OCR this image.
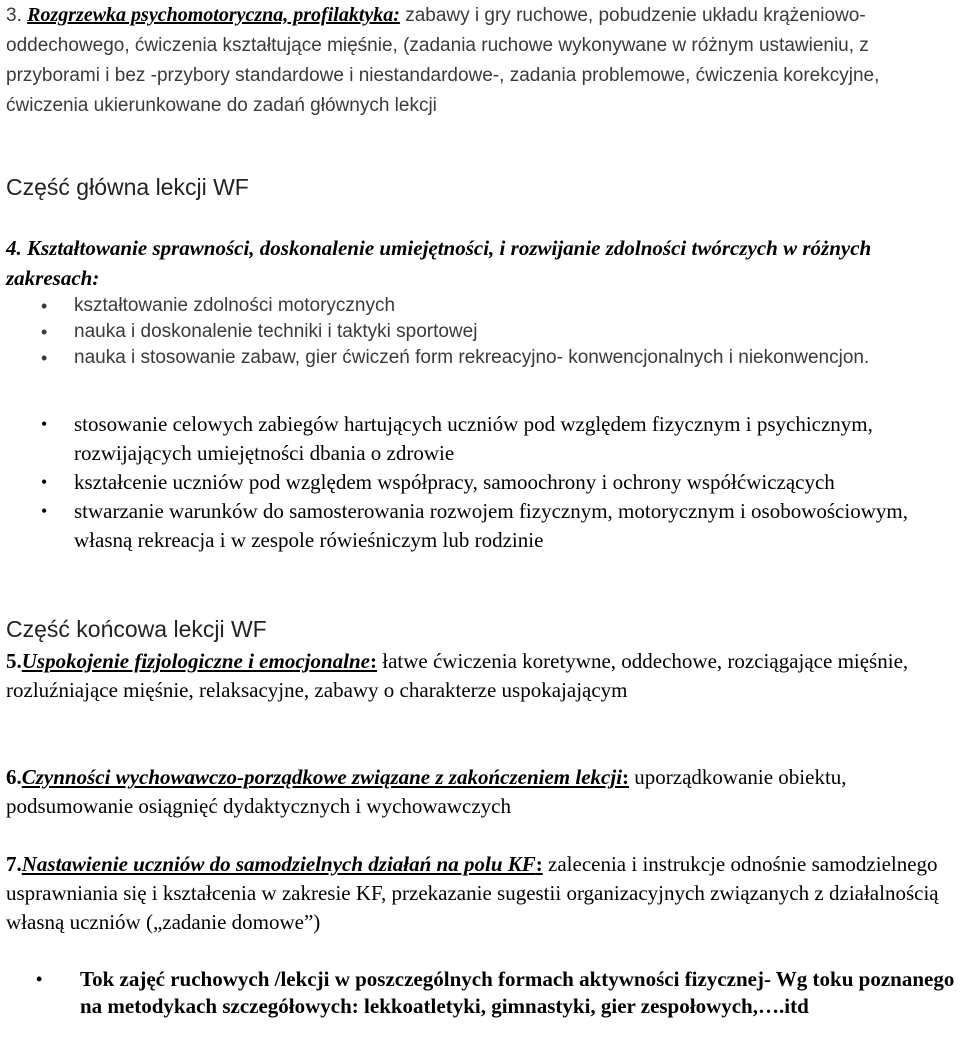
3. Rozgrzewka psychomotoryczna, profilaktyka: zabawy i gry ruchowe, pobudzenie układu krążeniowo- oddechowego, ćwiczenia kształtujące mięśnie, (zadania ruchowe wykonywane w różnym ustawieniu, z przyborami i bez -przybory standardowe i niestandardowe-, zadania problemowe, ćwiczenia korekcyjne, ćwiczenia ukierunkowane do zadań głównych lekcji

Część główna lekcji WF

4. Kształtowanie sprawności, doskonalenie umiejętności, i rozwijanie zdolności twórczych w różnych zakresach:

• kształtowanie zdolności motorycznych
• nauka i doskonalenie techniki i taktyki sportowej
• nauka i stosowanie zabaw, gier ćwiczeń form rekreacyjno- konwencjonalnych i niekonwencjon.
• stosowanie celowych zabiegów hartujących uczniów pod względem fizycznym i psychicznym, rozwijających umiejętności dbania o zdrowie
• kształcenie uczniów pod względem współpracy, samoochrony i ochrony współćwiczących
• stwarzanie warunków do samosterowania rozwojem fizycznym, motorycznym i osobowościowym, własną rekreacja i w zespole rówieśniczym lub rodzinie
Część końcowa lekcji WF

5.Uspokojenie fizjologiczne i emocjonalne: łatwe ćwiczenia koretywne, oddechowe, rozciągające mięśnie, rozluźniające mięśnie, relaksacyjne, zabawy o charakterze uspokajającym

6.Czynności wychowawczo-porządkowe związane z zakończeniem lekcji: uporządkowanie obiektu, podsumowanie osiągnięć dydaktycznych i wychowawczych

7.Nastawienie uczniów do samodzielnych działań na polu KF: zalecenia i instrukcje odnośnie samodzielnego usprawniania się i kształcenia w zakresie KF, przekazanie sugestii organizacyjnych związanych z działalnością własną uczniów („zadanie domowe”)

• Tok zajęć ruchowych /lekcji w poszczególnych formach aktywności fizycznej- Wg toku poznanego na metodykach szczegółowych: lekkoatletyki, gimnastyki, gier zespołowych,….itd
